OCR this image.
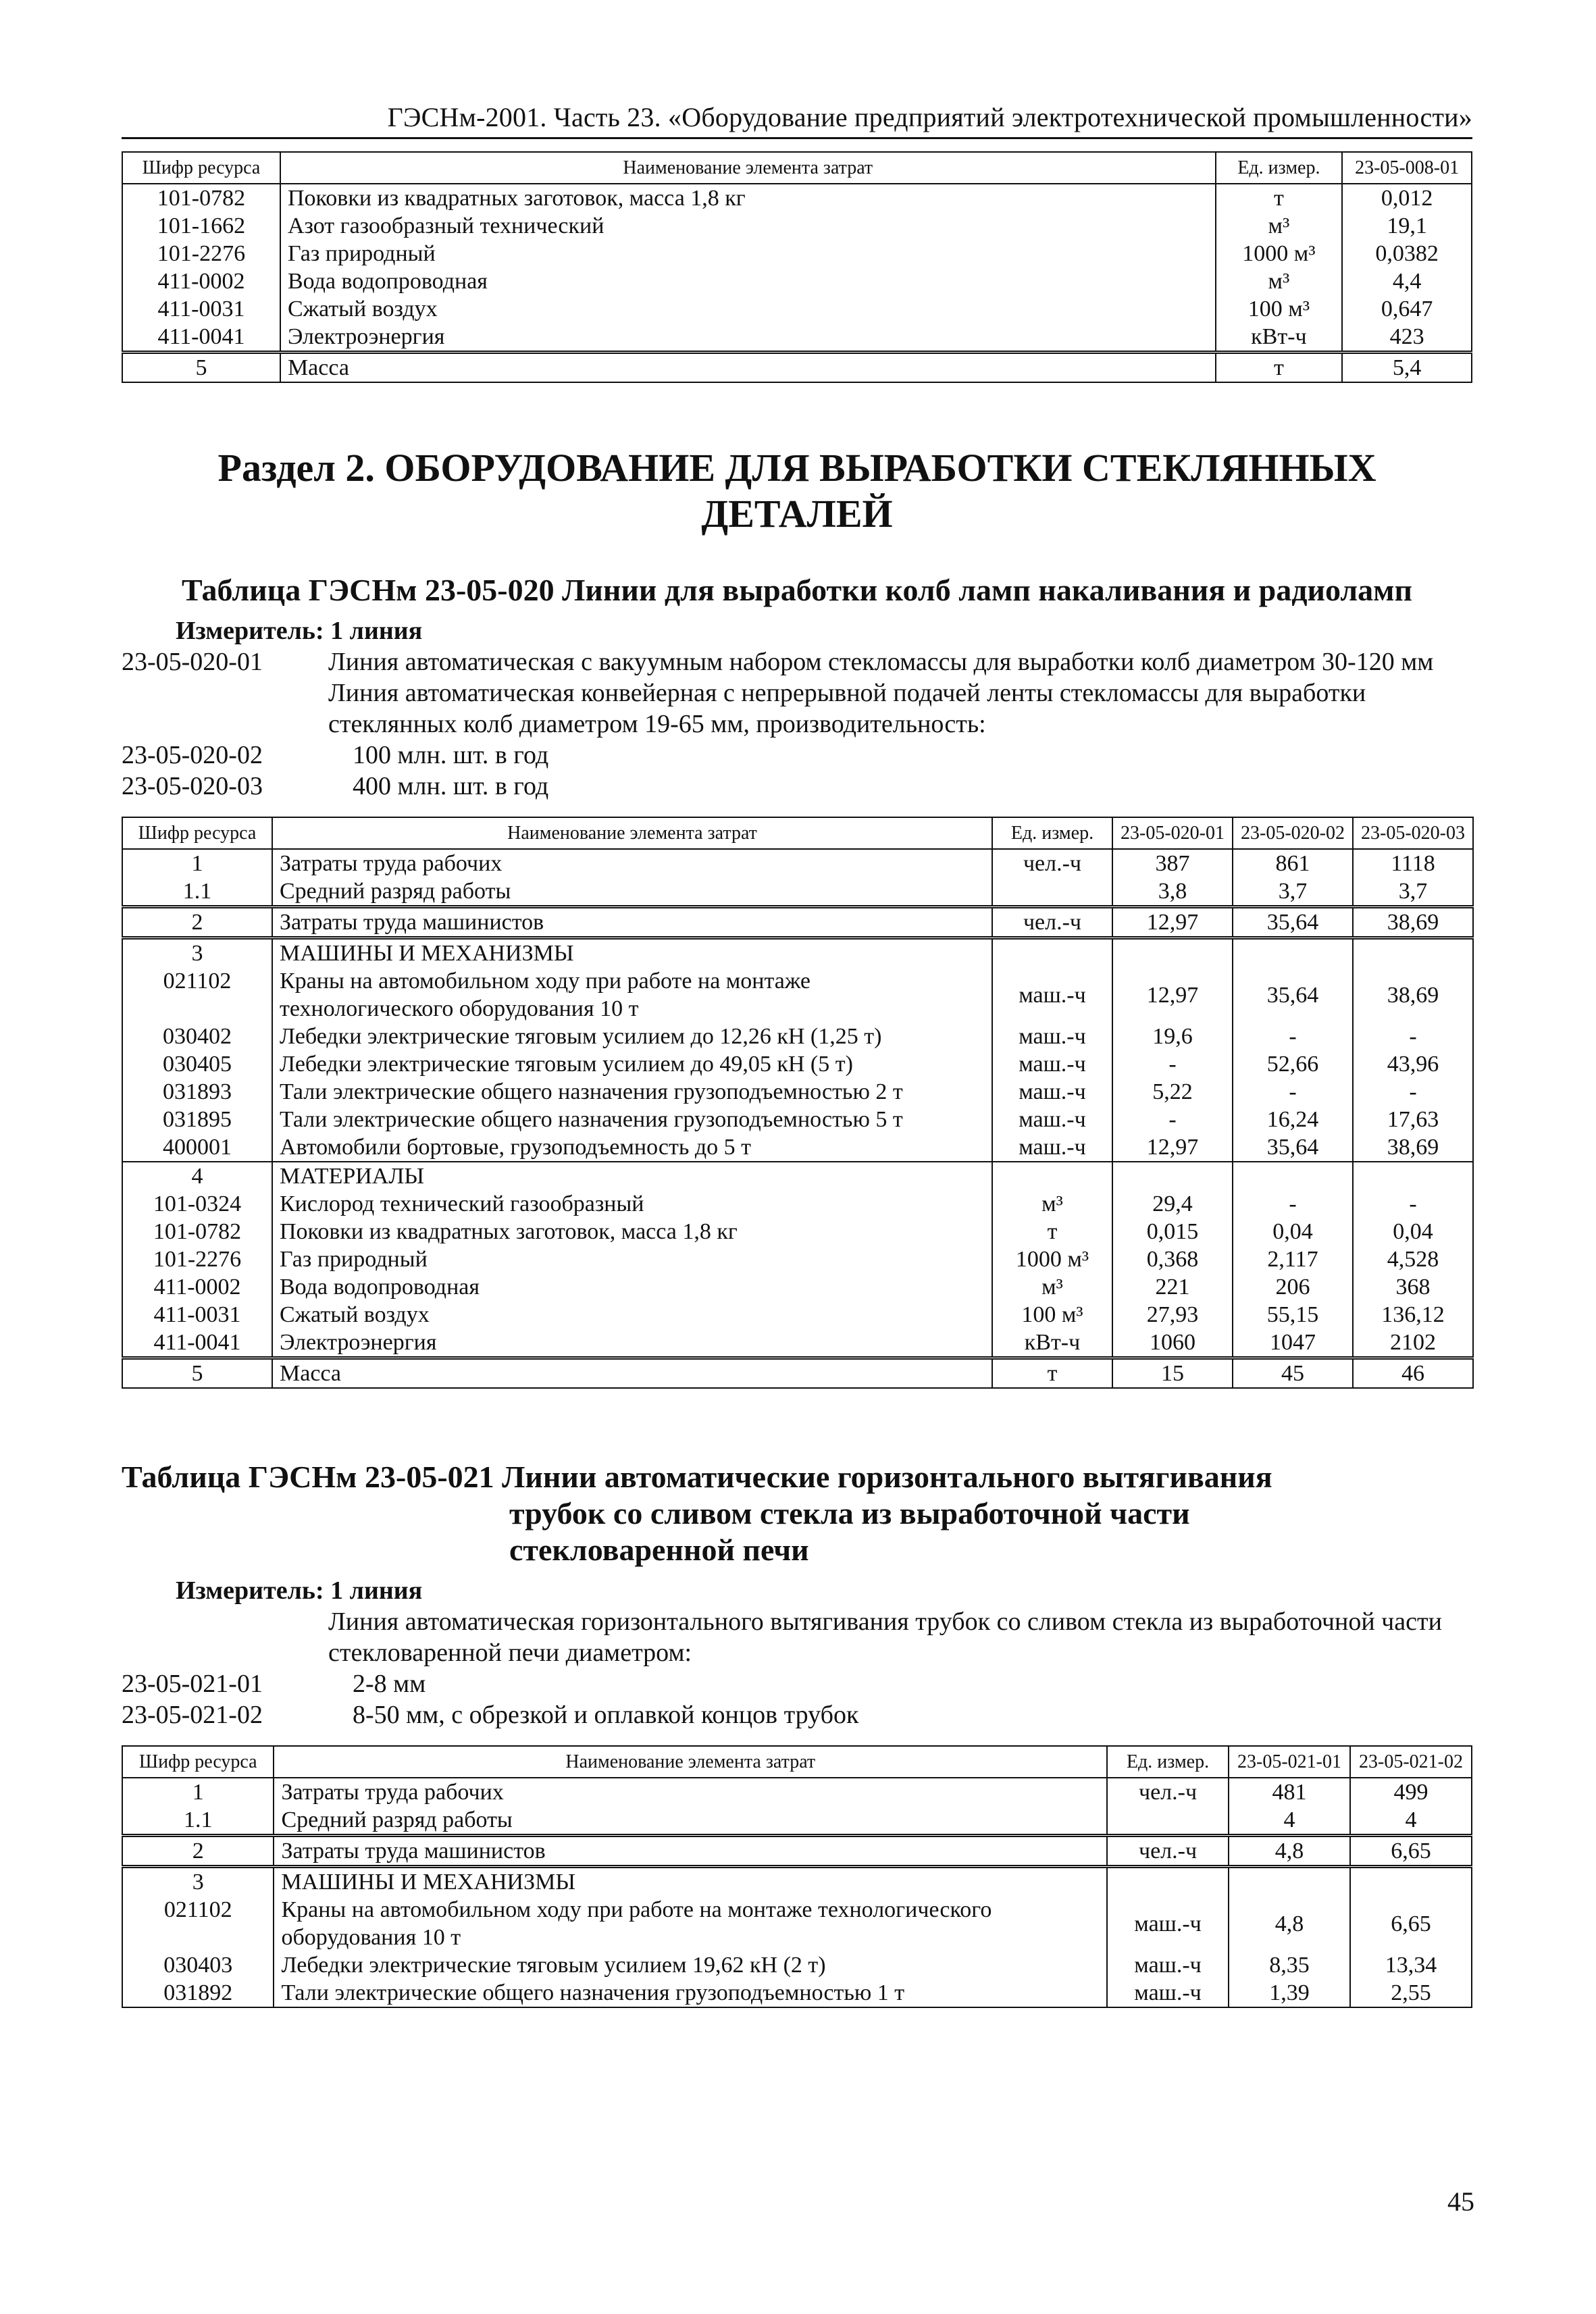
ГЭСНм-2001. Часть 23. «Оборудование предприятий электротехнической промышленности»
Шифр ресурса	Наименование элемента затрат	Ед. измер.	23-05-008-01
101-0782	Поковки из квадратных заготовок, масса 1,8 кг	т	0,012
101-1662	Азот газообразный технический	м³	19,1
101-2276	Газ природный	1000 м³	0,0382
411-0002	Вода водопроводная	м³	4,4
411-0031	Сжатый воздух	100 м³	0,647
411-0041	Электроэнергия	кВт-ч	423
5	Масса	т	5,4
Раздел 2. ОБОРУДОВАНИЕ ДЛЯ ВЫРАБОТКИ СТЕКЛЯННЫХ
ДЕТАЛЕЙ
Таблица ГЭСНм 23-05-020 Линии для выработки колб ламп накаливания и радиоламп
Измеритель: 1 линия
23-05-020-01	Линия автоматическая с вакуумным набором стекломассы для выработки колб диаметром 30-120 мм
Линия автоматическая конвейерная с непрерывной подачей ленты стекломассы для выработки стеклянных колб диаметром 19-65 мм, производительность:
23-05-020-02	100 млн. шт. в год
23-05-020-03	400 млн. шт. в год
Шифр ресурса	Наименование элемента затрат	Ед. измер.	23-05-020-01	23-05-020-02	23-05-020-03
1	Затраты труда рабочих	чел.-ч	387	861	1118
1.1	Средний разряд работы		3,8	3,7	3,7
2	Затраты труда машинистов	чел.-ч	12,97	35,64	38,69
3	МАШИНЫ И МЕХАНИЗМЫ				
021102	Краны на автомобильном ходу при работе на монтаже технологического оборудования 10 т	маш.-ч	12,97	35,64	38,69
030402	Лебедки электрические тяговым усилием до 12,26 кН (1,25 т)	маш.-ч	19,6	-	-
030405	Лебедки электрические тяговым усилием до 49,05 кН (5 т)	маш.-ч	-	52,66	43,96
031893	Тали электрические общего назначения грузоподъемностью 2 т	маш.-ч	5,22	-	-
031895	Тали электрические общего назначения грузоподъемностью 5 т	маш.-ч	-	16,24	17,63
400001	Автомобили бортовые, грузоподъемность до 5 т	маш.-ч	12,97	35,64	38,69
4	МАТЕРИАЛЫ				
101-0324	Кислород технический газообразный	м³	29,4	-	-
101-0782	Поковки из квадратных заготовок, масса 1,8 кг	т	0,015	0,04	0,04
101-2276	Газ природный	1000 м³	0,368	2,117	4,528
411-0002	Вода водопроводная	м³	221	206	368
411-0031	Сжатый воздух	100 м³	27,93	55,15	136,12
411-0041	Электроэнергия	кВт-ч	1060	1047	2102
5	Масса	т	15	45	46
Таблица ГЭСНм 23-05-021 Линии автоматические горизонтального вытягивания
трубок со сливом стекла из выработочной части
стекловаренной печи
Измеритель: 1 линия
Линия автоматическая горизонтального вытягивания трубок со сливом стекла из выработочной части стекловаренной печи диаметром:
23-05-021-01	2-8 мм
23-05-021-02	8-50 мм, с обрезкой и оплавкой концов трубок
Шифр ресурса	Наименование элемента затрат	Ед. измер.	23-05-021-01	23-05-021-02
1	Затраты труда рабочих	чел.-ч	481	499
1.1	Средний разряд работы		4	4
2	Затраты труда машинистов	чел.-ч	4,8	6,65
3	МАШИНЫ И МЕХАНИЗМЫ			
021102	Краны на автомобильном ходу при работе на монтаже технологического оборудования 10 т	маш.-ч	4,8	6,65
030403	Лебедки электрические тяговым усилием 19,62 кН (2 т)	маш.-ч	8,35	13,34
031892	Тали электрические общего назначения грузоподъемностью 1 т	маш.-ч	1,39	2,55
45
